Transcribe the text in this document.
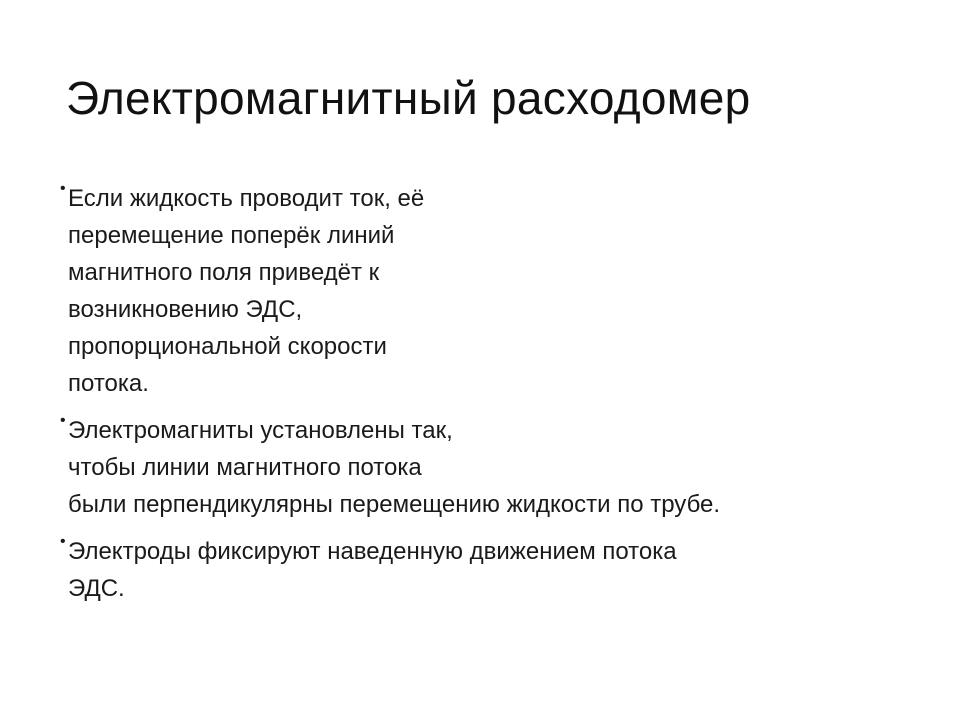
Электромагнитный расходомер
• Если жидкость проводит ток, её
перемещение поперёк линий
магнитного поля приведёт к
возникновению ЭДС,
пропорциональной скорости
потока.
• Электромагниты установлены так,
чтобы линии магнитного потока
были перпендикулярны перемещению жидкости по трубе.
• Электроды фиксируют наведенную движением потока
ЭДС.
